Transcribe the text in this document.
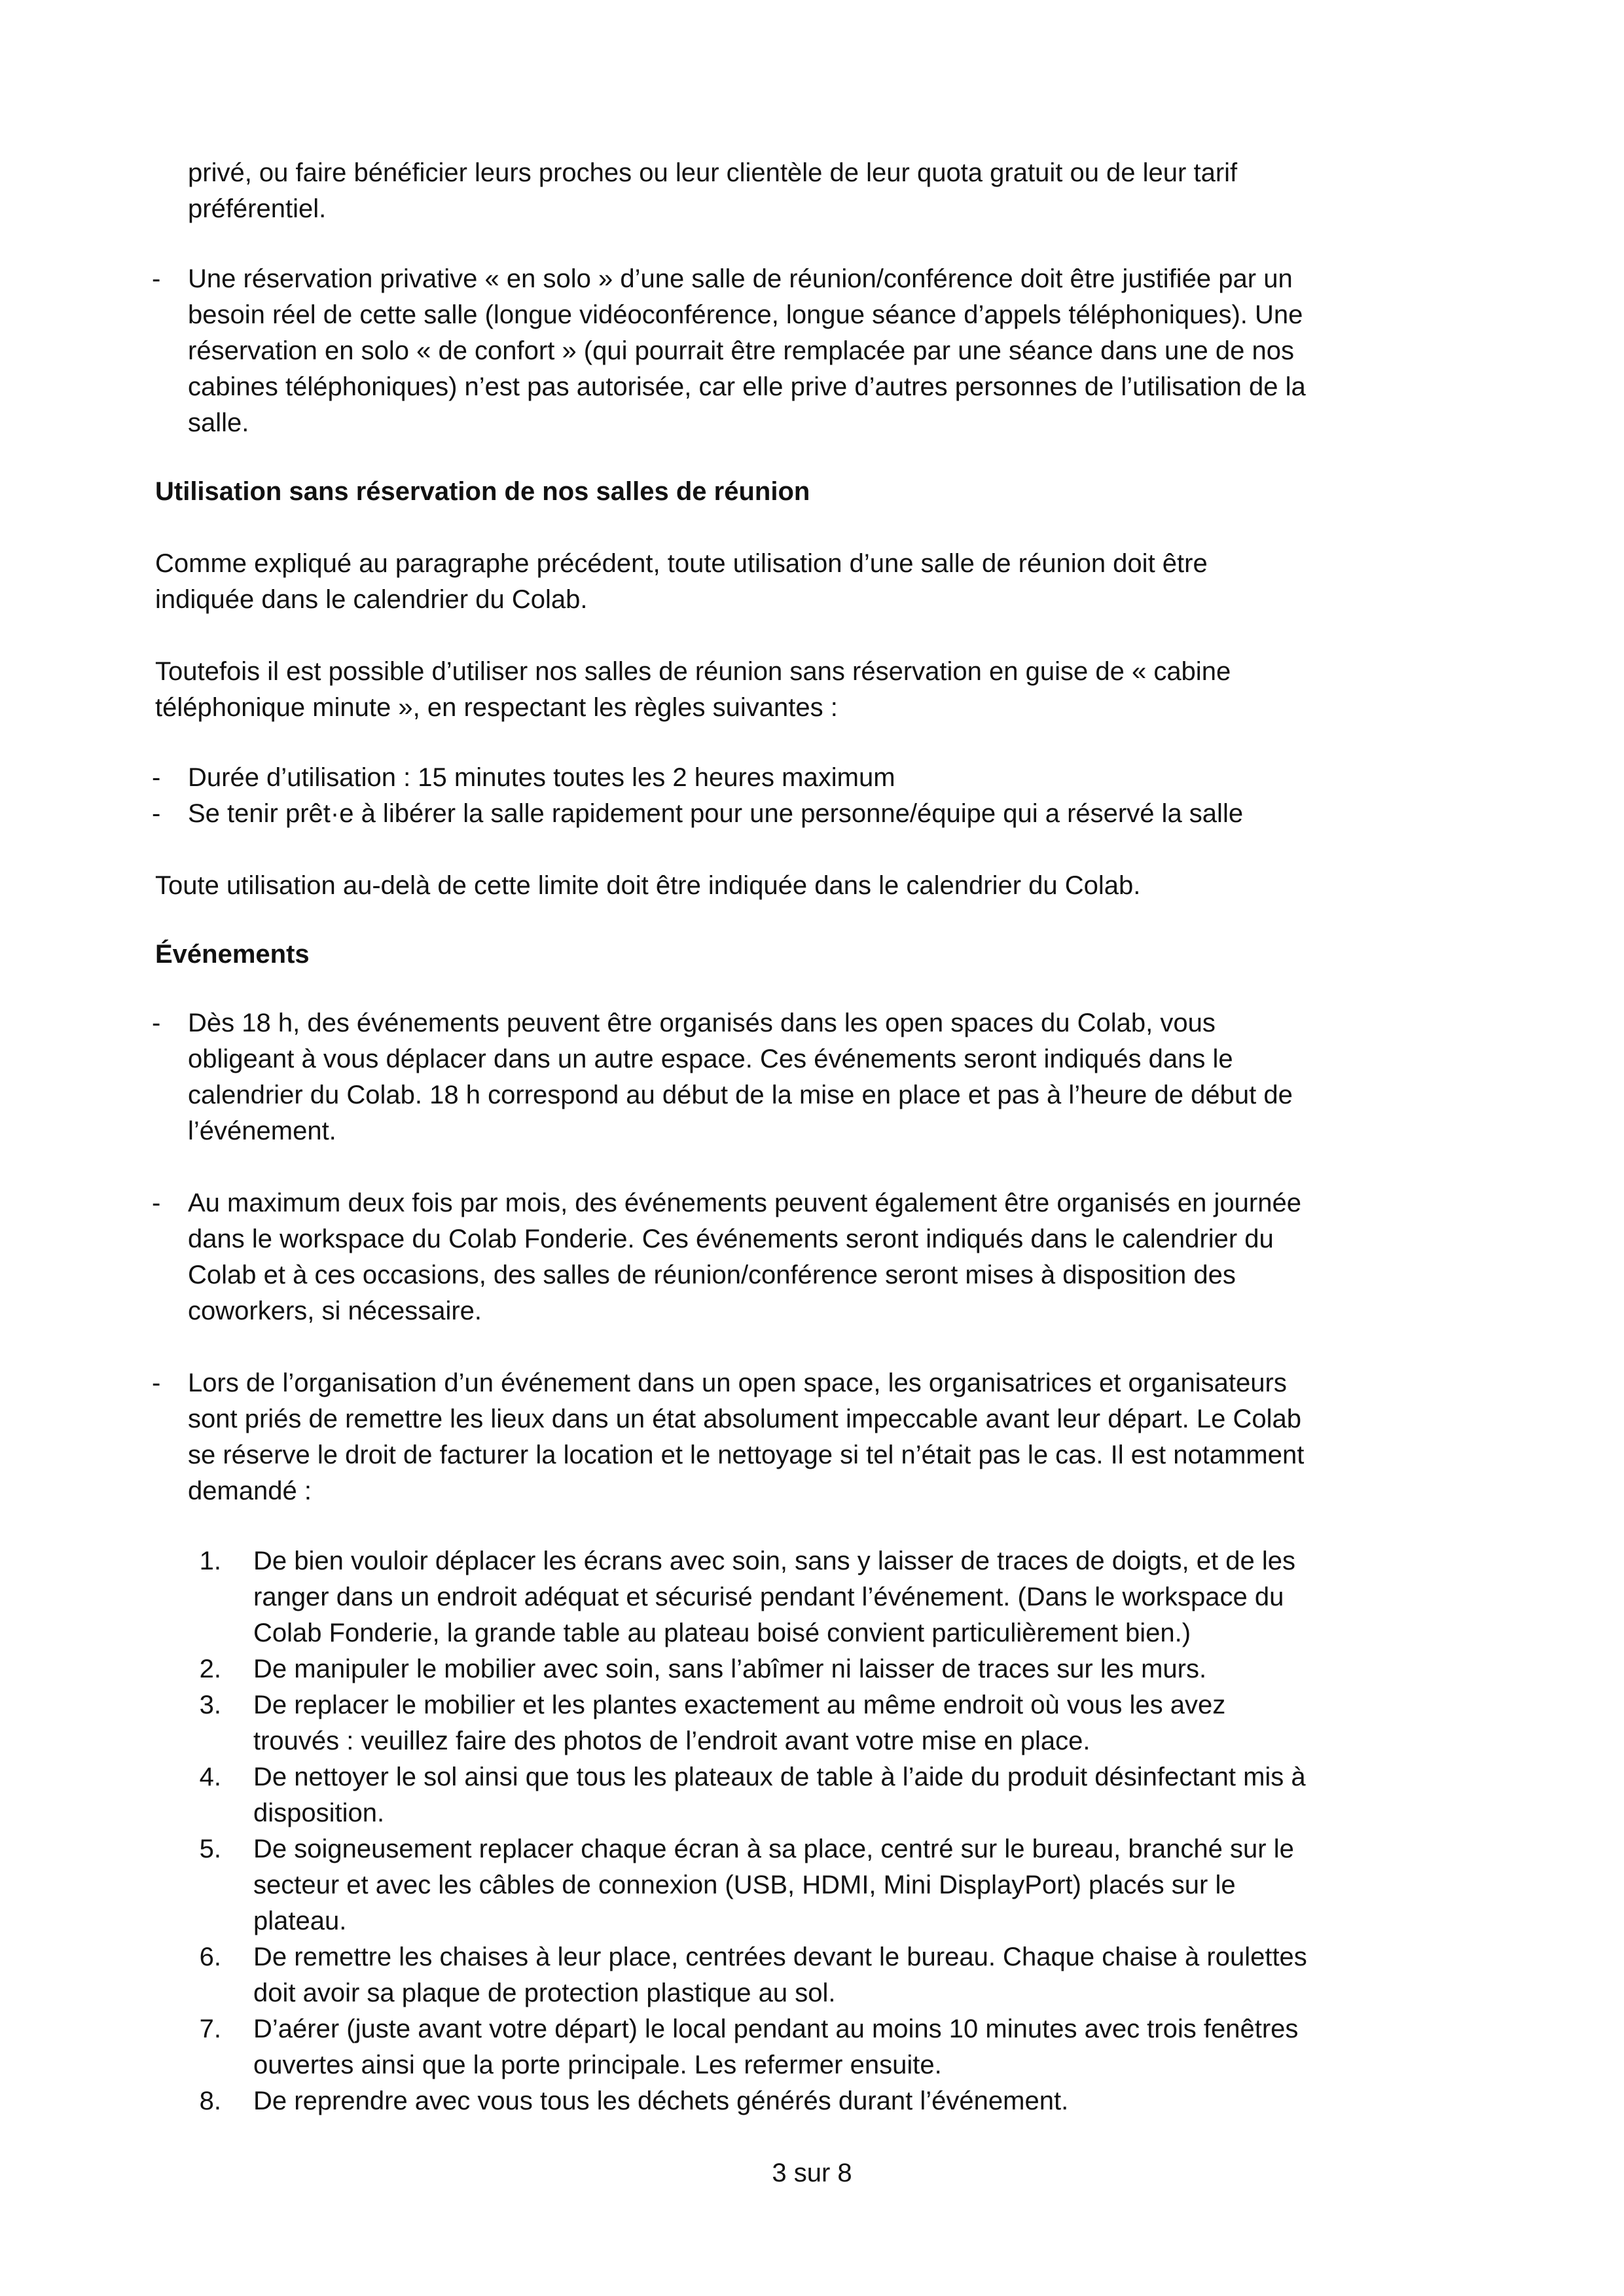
privé, ou faire bénéficier leurs proches ou leur clientèle de leur quota gratuit ou de leur tarif

préférentiel.

- Une réservation privative « en solo » d’une salle de réunion/conférence doit être justifiée par un

besoin réel de cette salle (longue vidéoconférence, longue séance d’appels téléphoniques). Une

réservation en solo « de confort » (qui pourrait être remplacée par une séance dans une de nos

cabines téléphoniques) n’est pas autorisée, car elle prive d’autres personnes de l’utilisation de la

salle.

Utilisation sans réservation de nos salles de réunion

Comme expliqué au paragraphe précédent, toute utilisation d’une salle de réunion doit être

indiquée dans le calendrier du Colab.

Toutefois il est possible d’utiliser nos salles de réunion sans réservation en guise de « cabine

téléphonique minute », en respectant les règles suivantes :

- Durée d’utilisation : 15 minutes toutes les 2 heures maximum

- Se tenir prêt·e à libérer la salle rapidement pour une personne/équipe qui a réservé la salle

Toute utilisation au-delà de cette limite doit être indiquée dans le calendrier du Colab.

Événements
- Dès 18 h, des événements peuvent être organisés dans les open spaces du Colab, vous

obligeant à vous déplacer dans un autre espace. Ces événements seront indiqués dans le

calendrier du Colab. 18 h correspond au début de la mise en place et pas à l’heure de début de

l’événement.

- Au maximum deux fois par mois, des événements peuvent également être organisés en journée

dans le workspace du Colab Fonderie. Ces événements seront indiqués dans le calendrier du

Colab et à ces occasions, des salles de réunion/conférence seront mises à disposition des

coworkers, si nécessaire.

- Lors de l’organisation d’un événement dans un open space, les organisatrices et organisateurs

sont priés de remettre les lieux dans un état absolument impeccable avant leur départ. Le Colab

se réserve le droit de facturer la location et le nettoyage si tel n’était pas le cas. Il est notamment

demandé :

1. De bien vouloir déplacer les écrans avec soin, sans y laisser de traces de doigts, et de les

ranger dans un endroit adéquat et sécurisé pendant l’événement. (Dans le workspace du

Colab Fonderie, la grande table au plateau boisé convient particulièrement bien.)

2. De manipuler le mobilier avec soin, sans l’abîmer ni laisser de traces sur les murs.

3. De replacer le mobilier et les plantes exactement au même endroit où vous les avez

trouvés : veuillez faire des photos de l’endroit avant votre mise en place.

4. De nettoyer le sol ainsi que tous les plateaux de table à l’aide du produit désinfectant mis à

disposition.

5. De soigneusement replacer chaque écran à sa place, centré sur le bureau, branché sur le

secteur et avec les câbles de connexion (USB, HDMI, Mini DisplayPort) placés sur le

plateau.

6. De remettre les chaises à leur place, centrées devant le bureau. Chaque chaise à roulettes

doit avoir sa plaque de protection plastique au sol.

7. D’aérer (juste avant votre départ) le local pendant au moins 10 minutes avec trois fenêtres

ouvertes ainsi que la porte principale. Les refermer ensuite.

8. De reprendre avec vous tous les déchets générés durant l’événement.

3 sur 8
